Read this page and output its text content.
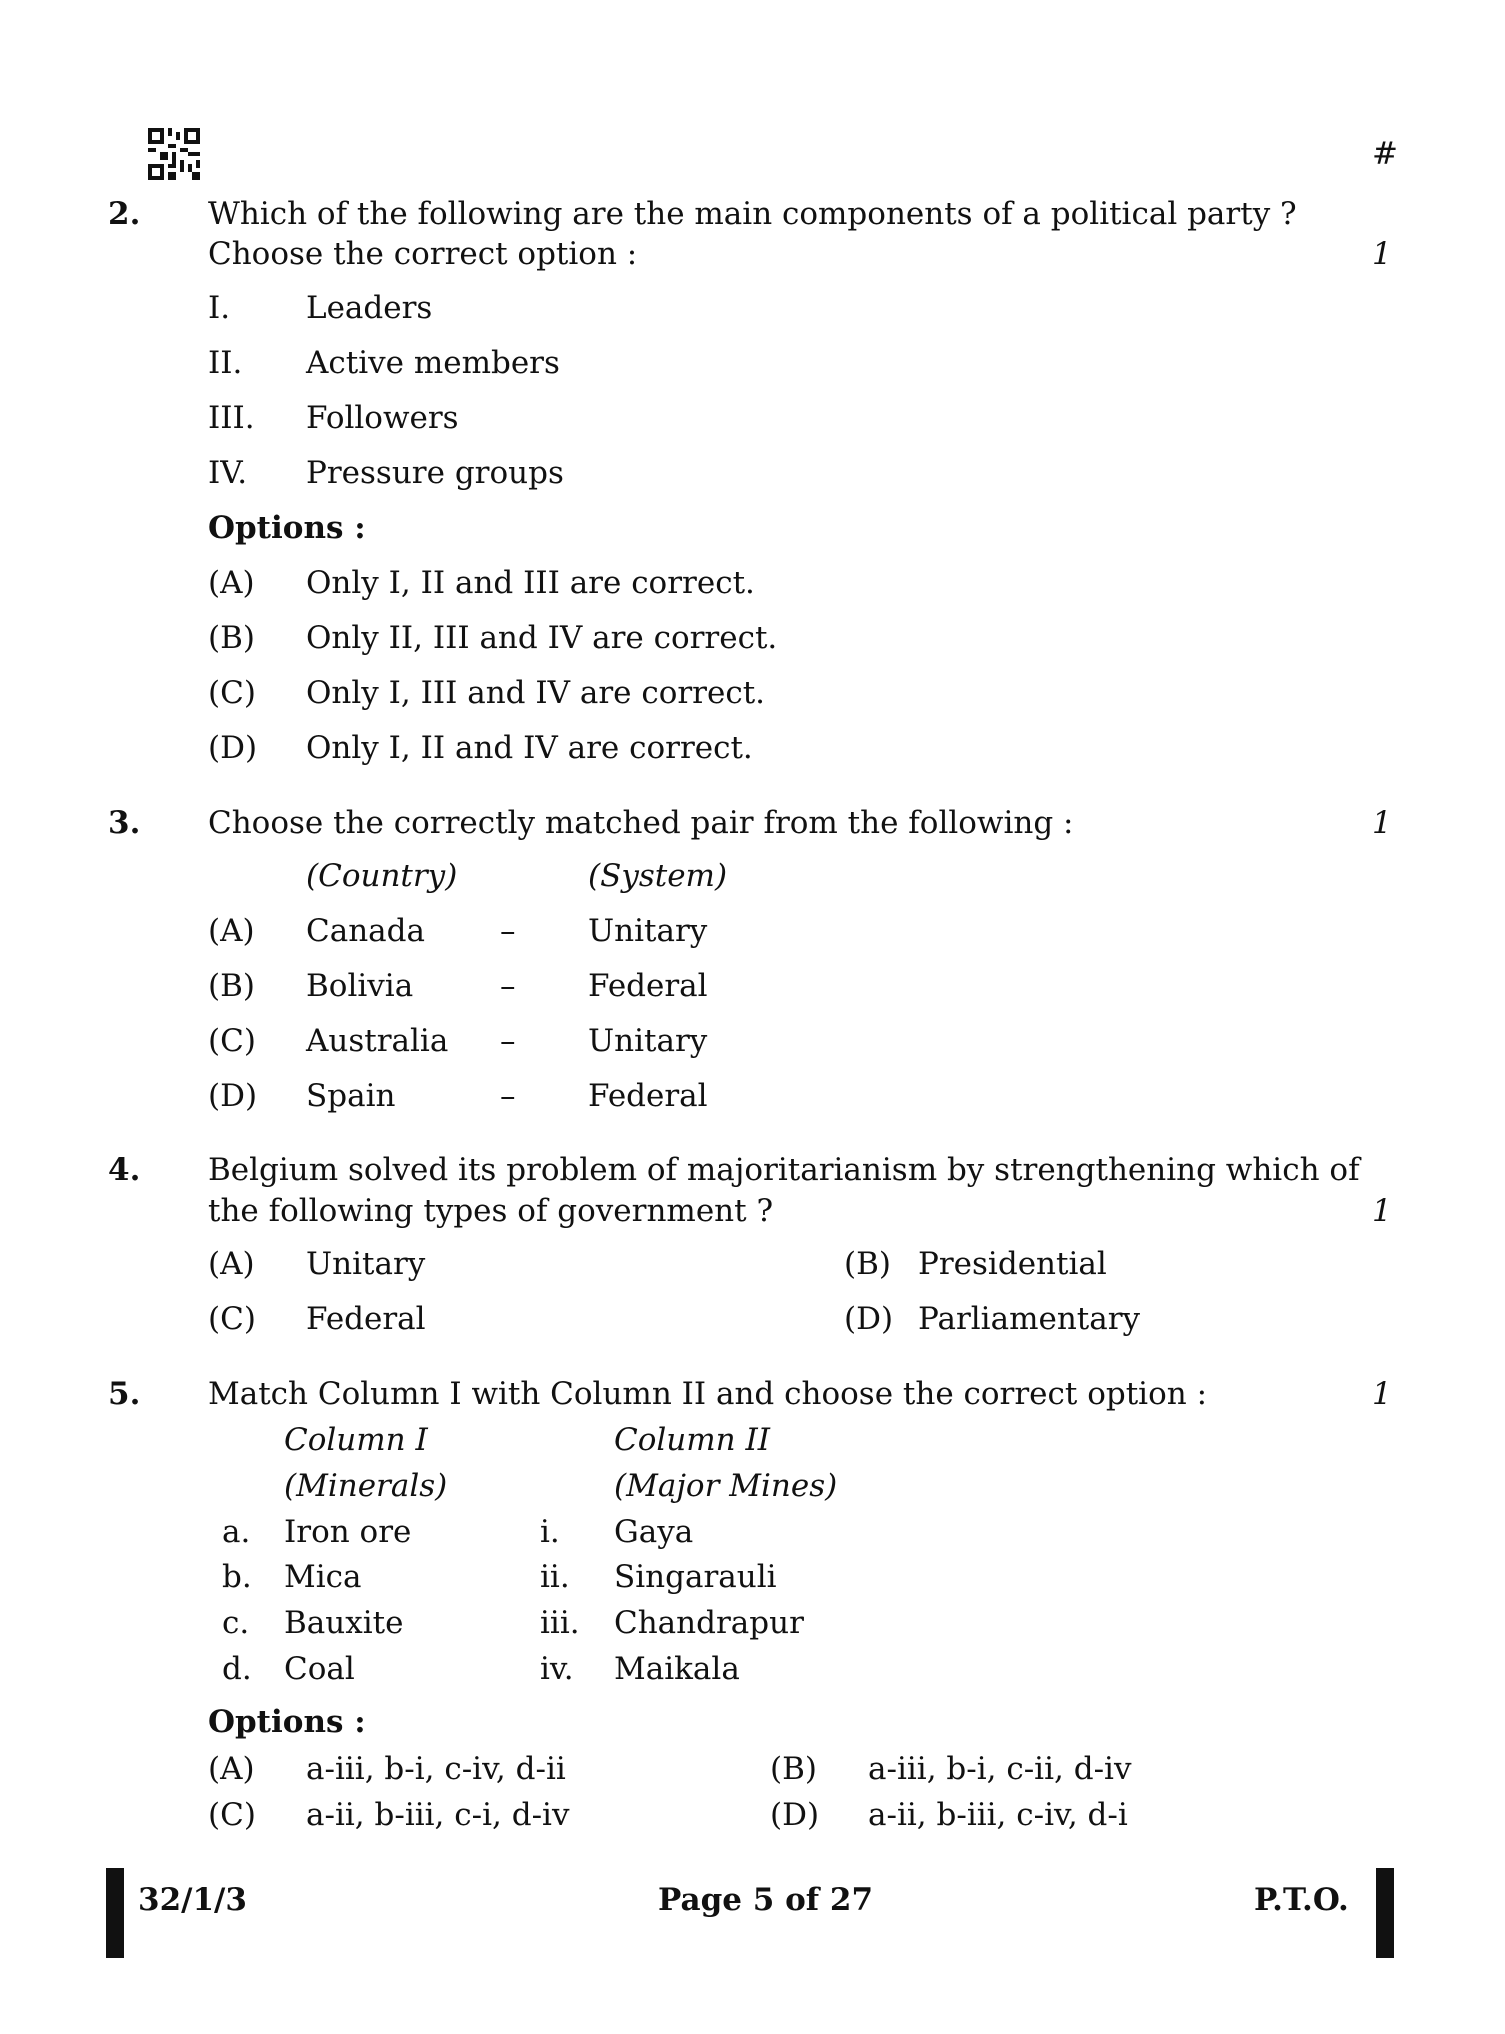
#
2. Which of the following are the main components of a political party ?
Choose the correct option :	1
I. Leaders
II. Active members
III. Followers
IV. Pressure groups
Options :
(A) Only I, II and III are correct.
(B) Only II, III and IV are correct.
(C) Only I, III and IV are correct.
(D) Only I, II and IV are correct.
3. Choose the correctly matched pair from the following :	1
(Country)	(System)
(A) Canada – Unitary
(B) Bolivia	– Federal
(C) Australia – Unitary
(D) Spain	– Federal
4. Belgium solved its problem of majoritarianism by strengthening which of
the following types of government ?	1
(A) Unitary	(B) Presidential
(C) Federal	(D) Parliamentary
5. Match Column I with Column II and choose the correct option :	1
Column I	Column II
(Minerals)	(Major Mines)
a. Iron ore	i. Gaya
b. Mica	ii. Singarauli
c. Bauxite	iii. Chandrapur
d. Coal	iv. Maikala
Options :
(A) a-iii, b-i, c-iv, d-ii	(B) a-iii, b-i, c-ii, d-iv
(C) a-ii, b-iii, c-i, d-iv	(D) a-ii, b-iii, c-iv, d-i
32/1/3	Page 5 of 27	P.T.O.
